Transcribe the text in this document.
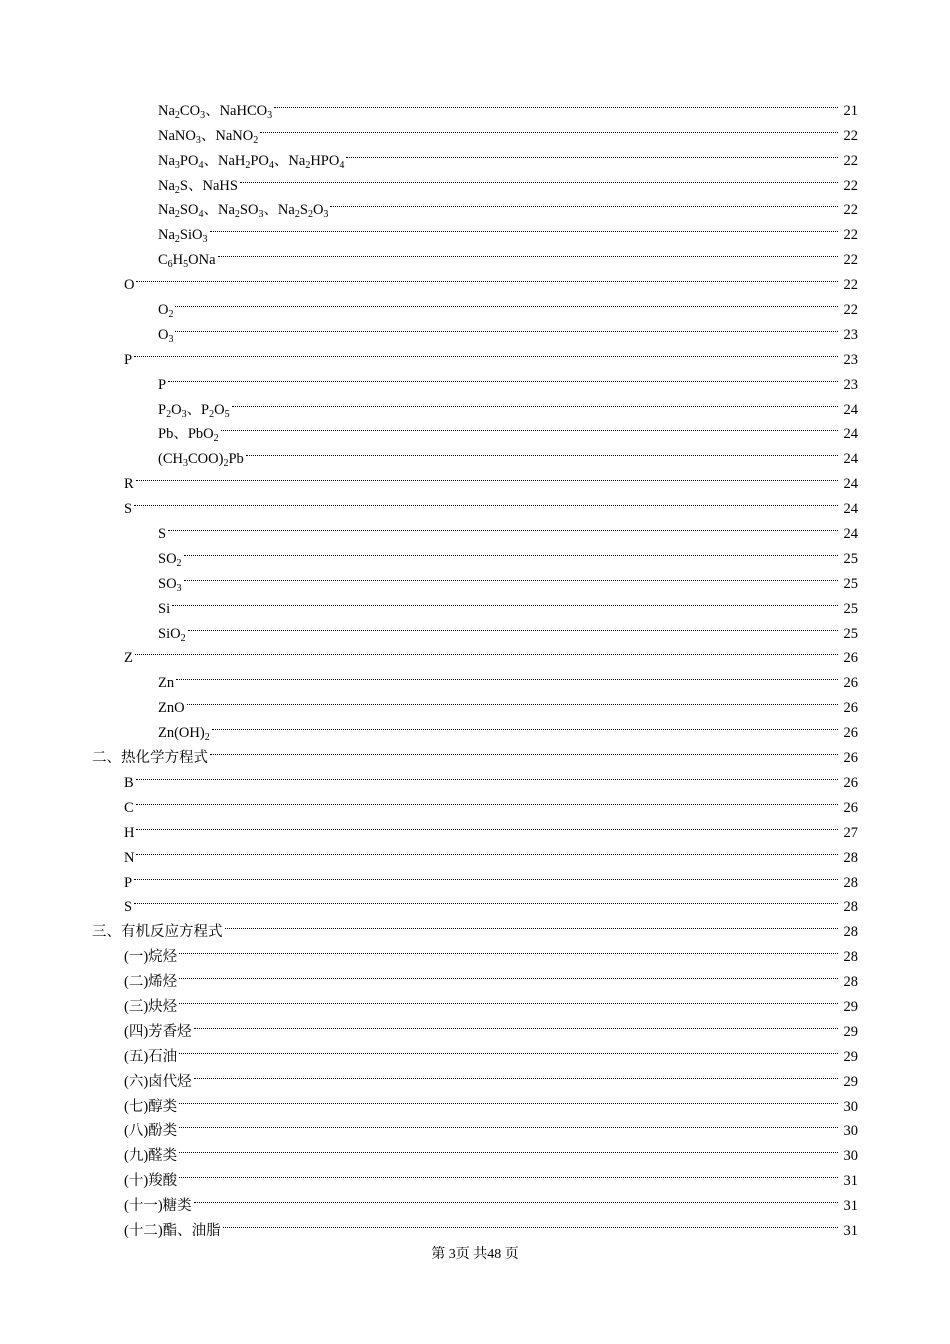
$Na_2CO_3$、NaHCO$_3$	21
NaNO$_3$、NaNO$_2$	22
$Na_3PO_4$、$NaH_2PO_4$、$Na_2HPO_4$	22
$Na_2S$、NaHS	22
$Na_2SO_4$、$Na_2SO_3$、$Na_2S_2O_3$	22
$Na_2SiO_3$	22
$C_6H_5ONa$	22
O	22
$O_2$	22
$O_3$	23
P	23
P	23
$P_2O_3$、$P_2O_5$	24
Pb、PbO$_2$	24
$(CH_3COO)_2Pb$	24
R	24
S	24
S	24
$SO_2$	25
$SO_3$	25
Si	25
SiO$_2$	25
Z	26
Zn	26
ZnO	26
$Zn(OH)_2$	26
二、热化学方程式	26
B	26
C	26
H	27
N	28
P	28
S	28
三、有机反应方程式	28
(一)烷烃	28
(二)烯烃	28
(三)炔烃	29
(四)芳香烃	29
(五)石油	29
(六)卤代烃	29
(七)醇类	30
(八)酚类	30
(九)醛类	30
(十)羧酸	31
(十一)糖类	31
(十二)酯、油脂	31
第 3页 共48 页
